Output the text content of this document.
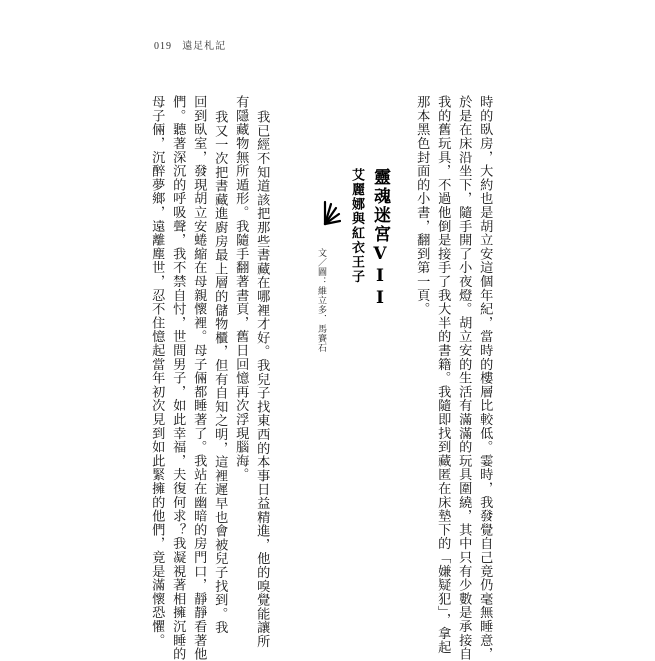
019 遠足札記
時的臥房，大約也是胡立安這個年紀，當時的樓層比較低。霎時，我發覺自己竟仍毫無睡意，
於是在床沿坐下，隨手開了小夜燈。胡立安的生活有滿滿的玩具圍繞，其中只有少數是承接自
我的舊玩具，不過他倒是接手了我大半的書籍。我隨即找到藏匿在床墊下的「嫌疑犯」，拿起
那本黑色封面的小書，翻到第一頁。
靈魂迷宮VII
艾麗娜與紅衣王子
文／圖：維立多．馬賽石
我已經不知道該把那些書藏在哪裡才好。我兒子找東西的本事日益精進，他的嗅覺能讓所
有隱藏物無所遁形。我隨手翻著書頁，舊日回憶再次浮現腦海。
我又一次把書藏進廚房最上層的儲物櫃，但有自知之明，這裡遲早也會被兒子找到。我
回到臥室，發現胡立安蜷縮在母親懷裡。母子倆都睡著了。我站在幽暗的房門口，靜靜看著他
們。聽著深沉的呼吸聲，我不禁自忖，世間男子，如此幸福，夫復何求？我凝視著相擁沉睡的
母子倆，沉醉夢鄉，遠離塵世，忍不住憶起當年初次見到如此緊擁的他們，竟是滿懷恐懼。
